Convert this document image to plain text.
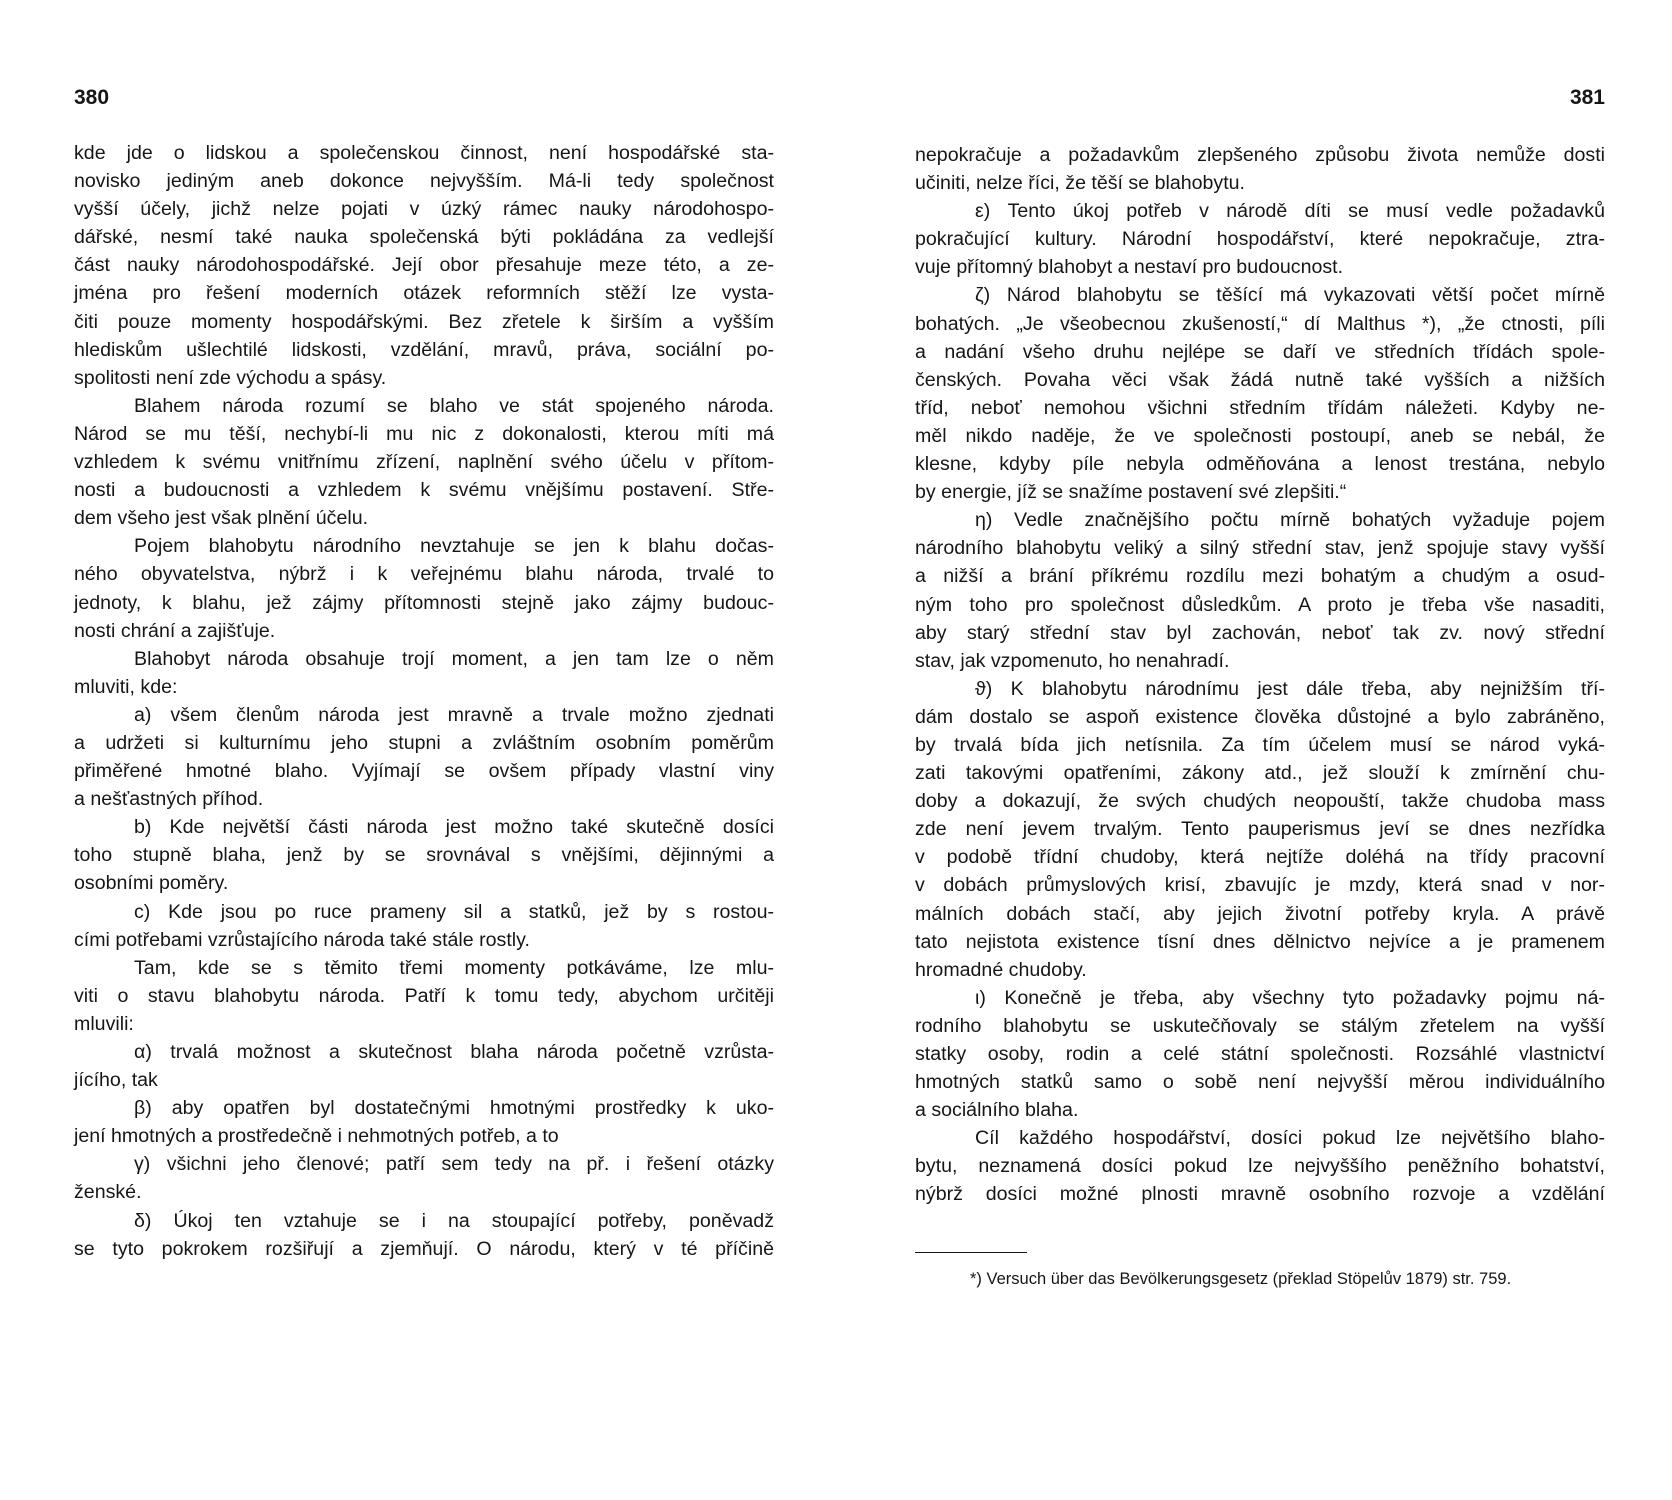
380
kde jde o lidskou a společenskou činnost, není hospodářské sta-
novisko jediným aneb dokonce nejvyšším. Má-li tedy společnost
vyšší účely, jichž nelze pojati v úzký rámec nauky národohospo-
dářské, nesmí také nauka společenská býti pokládána za vedlejší
část nauky národohospodářské. Její obor přesahuje meze této, a ze-
jména pro řešení moderních otázek reformních stěží lze vysta-
čiti pouze momenty hospodářskými. Bez zřetele k širším a vyšším
hlediskům ušlechtilé lidskosti, vzdělání, mravů, práva, sociální po-
spolitosti není zde východu a spásy.
Blahem národa rozumí se blaho ve stát spojeného národa.
Národ se mu těší, nechybí-li mu nic z dokonalosti, kterou míti má
vzhledem k svému vnitřnímu zřízení, naplnění svého účelu v přítom-
nosti a budoucnosti a vzhledem k svému vnějšímu postavení. Stře-
dem všeho jest však plnění účelu.
Pojem blahobytu národního nevztahuje se jen k blahu dočas-
ného obyvatelstva, nýbrž i k veřejnému blahu národa, trvalé to
jednoty, k blahu, jež zájmy přítomnosti stejně jako zájmy budouc-
nosti chrání a zajišťuje.
Blahobyt národa obsahuje trojí moment, a jen tam lze o něm
mluviti, kde:
a) všem členům národa jest mravně a trvale možno zjednati
a udržeti si kulturnímu jeho stupni a zvláštním osobním poměrům
přiměřené hmotné blaho. Vyjímají se ovšem případy vlastní viny
a nešťastných příhod.
b) Kde největší části národa jest možno také skutečně dosíci
toho stupně blaha, jenž by se srovnával s vnějšími, dějinnými a
osobními poměry.
c) Kde jsou po ruce prameny sil a statků, jež by s rostou-
cími potřebami vzrůstajícího národa také stále rostly.
Tam, kde se s těmito třemi momenty potkáváme, lze mlu-
viti o stavu blahobytu národa. Patří k tomu tedy, abychom určitěji
mluvili:
α) trvalá možnost a skutečnost blaha národa početně vzrůsta-
jícího, tak
β) aby opatřen byl dostatečnými hmotnými prostředky k uko-
jení hmotných a prostředečně i nehmotných potřeb, a to
γ) všichni jeho členové; patří sem tedy na př. i řešení otázky
ženské.
δ) Úkoj ten vztahuje se i na stoupající potřeby, poněvadž
se tyto pokrokem rozšiřují a zjemňují. O národu, který v té příčině
381
nepokračuje a požadavkům zlepšeného způsobu života nemůže dosti
učiniti, nelze říci, že těší se blahobytu.
ε) Tento úkoj potřeb v národě díti se musí vedle požadavků
pokračující kultury. Národní hospodářství, které nepokračuje, ztra-
vuje přítomný blahobyt a nestaví pro budoucnost.
ζ) Národ blahobytu se těšící má vykazovati větší počet mírně
bohatých. „Je všeobecnou zkušeností,“ dí Malthus *), „že ctnosti, píli
a nadání všeho druhu nejlépe se daří ve středních třídách spole-
čenských. Povaha věci však žádá nutně také vyšších a nižších
tříd, neboť nemohou všichni středním třídám náležeti. Kdyby ne-
měl nikdo naděje, že ve společnosti postoupí, aneb se nebál, že
klesne, kdyby píle nebyla odměňována a lenost trestána, nebylo
by energie, jíž se snažíme postavení své zlepšiti.“
η) Vedle značnějšího počtu mírně bohatých vyžaduje pojem
národního blahobytu veliký a silný střední stav, jenž spojuje stavy vyšší
a nižší a brání příkrému rozdílu mezi bohatým a chudým a osud-
ným toho pro společnost důsledkům. A proto je třeba vše nasaditi,
aby starý střední stav byl zachován, neboť tak zv. nový střední
stav, jak vzpomenuto, ho nenahradí.
ϑ) K blahobytu národnímu jest dále třeba, aby nejnižším tří-
dám dostalo se aspoň existence člověka důstojné a bylo zabráněno,
by trvalá bída jich netísnila. Za tím účelem musí se národ vyká-
zati takovými opatřeními, zákony atd., jež slouží k zmírnění chu-
doby a dokazují, že svých chudých neopouští, takže chudoba mass
zde není jevem trvalým. Tento pauperismus jeví se dnes nezřídka
v podobě třídní chudoby, která nejtíže doléhá na třídy pracovní
v dobách průmyslových krisí, zbavujíc je mzdy, která snad v nor-
málních dobách stačí, aby jejich životní potřeby kryla. A právě
tato nejistota existence tísní dnes dělnictvo nejvíce a je pramenem
hromadné chudoby.
ι) Konečně je třeba, aby všechny tyto požadavky pojmu ná-
rodního blahobytu se uskutečňovaly se stálým zřetelem na vyšší
statky osoby, rodin a celé státní společnosti. Rozsáhlé vlastnictví
hmotných statků samo o sobě není nejvyšší měrou individuálního
a sociálního blaha.
Cíl každého hospodářství, dosíci pokud lze největšího blaho-
bytu, neznamená dosíci pokud lze nejvyššího peněžního bohatství,
nýbrž dosíci možné plnosti mravně osobního rozvoje a vzdělání
*) Versuch über das Bevölkerungsgesetz (překlad Stöpelův 1879) str. 759.
